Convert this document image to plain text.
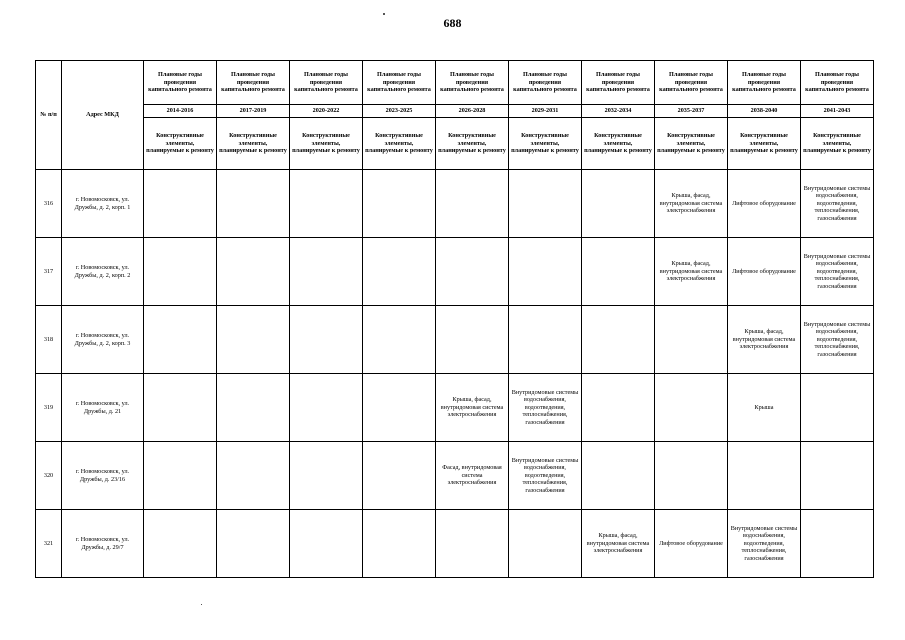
688
№ п/п	Адрес МКД	Плановые годы проведения капитального ремонта	Плановые годы проведения капитального ремонта	Плановые годы проведения капитального ремонта	Плановые годы проведения капитального ремонта	Плановые годы проведения капитального ремонта	Плановые годы проведения капитального ремонта	Плановые годы проведения капитального ремонта	Плановые годы проведения капитального ремонта	Плановые годы проведения капитального ремонта	Плановые годы проведения капитального ремонта
		2014-2016	2017-2019	2020-2022	2023-2025	2026-2028	2029-2031	2032-2034	2035-2037	2038-2040	2041-2043
		Конструктивные элементы, планируемые к ремонту	Конструктивные элементы, планируемые к ремонту	Конструктивные элементы, планируемые к ремонту	Конструктивные элементы, планируемые к ремонту	Конструктивные элементы, планируемые к ремонту	Конструктивные элементы, планируемые к ремонту	Конструктивные элементы, планируемые к ремонту	Конструктивные элементы, планируемые к ремонту	Конструктивные элементы, планируемые к ремонту	Конструктивные элементы, планируемые к ремонту
316	г. Новомосковск, ул. Дружбы, д. 2, корп. 1								Крыша, фасад, внутридомовая система электроснабжения	Лифтовое оборудование	Внутридомовые системы водоснабжения, водоотведения, теплоснабжения, газоснабжения
317	г. Новомосковск, ул. Дружбы, д. 2, корп. 2								Крыша, фасад, внутридомовая система электроснабжения	Лифтовое оборудование	Внутридомовые системы водоснабжения, водоотведения, теплоснабжения, газоснабжения
318	г. Новомосковск, ул. Дружбы, д. 2, корп. 3									Крыша, фасад, внутридомовая система электроснабжения	Внутридомовые системы водоснабжения, водоотведения, теплоснабжения, газоснабжения
319	г. Новомосковск, ул. Дружбы, д. 21					Крыша, фасад, внутридомовая система электроснабжения	Внутридомовые системы водоснабжения, водоотведения, теплоснабжения, газоснабжения			Крыша	
320	г. Новомосковск, ул. Дружбы, д. 23/16					Фасад, внутридомовая система электроснабжения	Внутридомовые системы водоснабжения, водоотведения, теплоснабжения, газоснабжения				
321	г. Новомосковск, ул. Дружбы, д. 29/7							Крыша, фасад, внутридомовая система электроснабжения	Лифтовое оборудование	Внутридомовые системы водоснабжения, водоотведения, теплоснабжения, газоснабжения	
